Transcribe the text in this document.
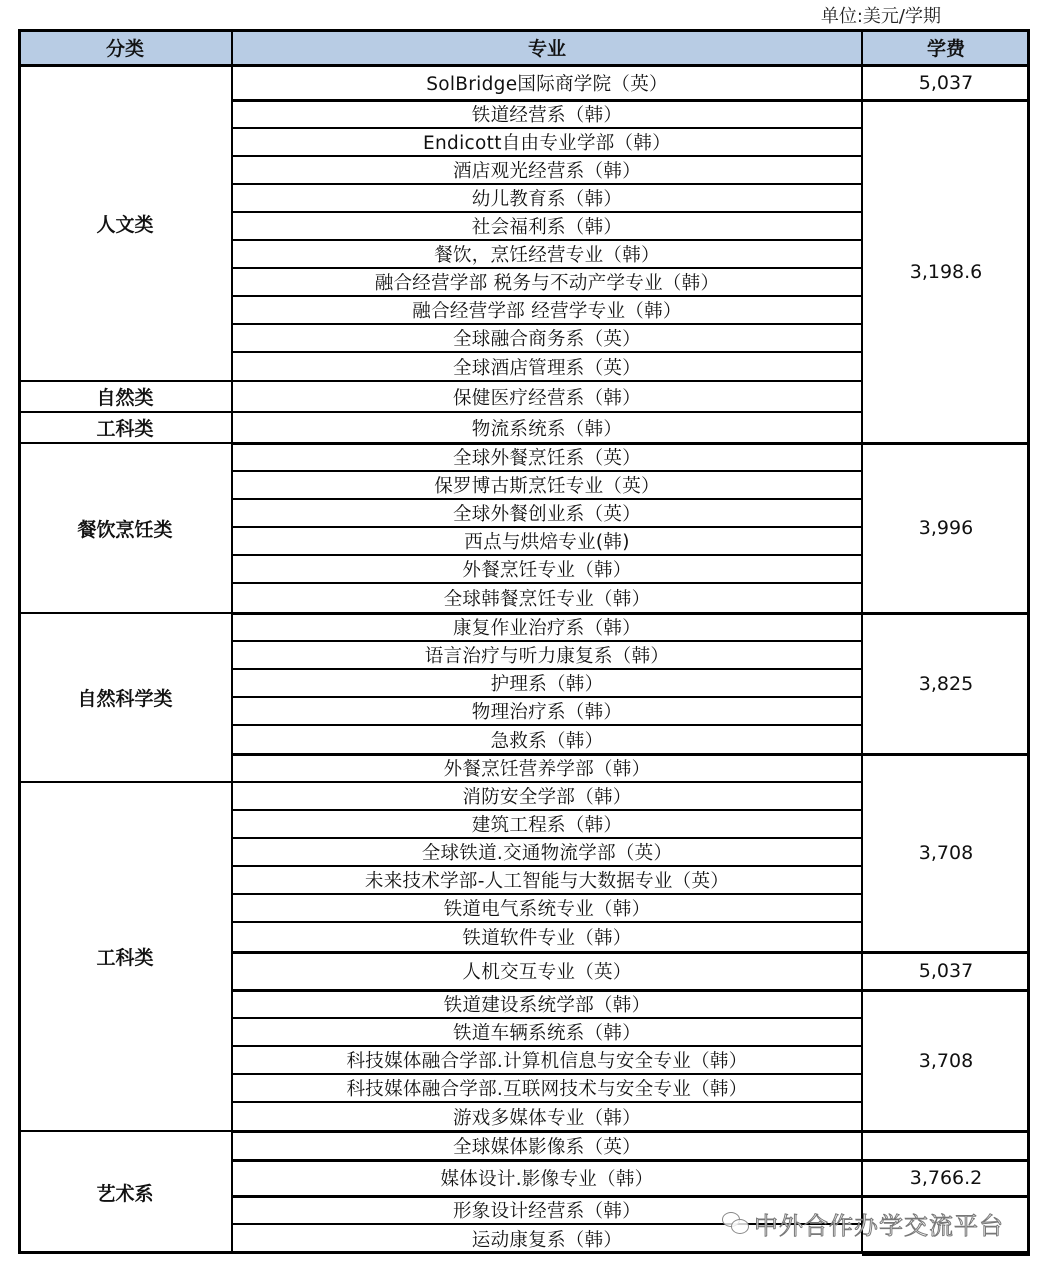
单位:美元/学期
分类	专业	学费
SolBridge国际商学院（英）
铁道经营系（韩）
Endicott自由专业学部（韩）
酒店观光经营系（韩）
幼儿教育系（韩）
社会福利系（韩）
餐饮，烹饪经营专业（韩）
融合经营学部 税务与不动产学专业（韩）
融合经营学部 经营学专业（韩）
全球融合商务系（英）
全球酒店管理系（英）
保健医疗经营系（韩）
物流系统系（韩）
全球外餐烹饪系（英）
保罗博古斯烹饪专业（英）
全球外餐创业系（英）
西点与烘焙专业(韩)
外餐烹饪专业（韩）
全球韩餐烹饪专业（韩）
康复作业治疗系（韩）
语言治疗与听力康复系（韩）
护理系（韩）
物理治疗系（韩）
急救系（韩）
外餐烹饪营养学部（韩）
消防安全学部（韩）
建筑工程系（韩）
全球铁道.交通物流学部（英）
未来技术学部-人工智能与大数据专业（英）
铁道电气系统专业（韩）
铁道软件专业（韩）
人机交互专业（英）
铁道建设系统学部（韩）
铁道车辆系统系（韩）
科技媒体融合学部.计算机信息与安全专业（韩）
科技媒体融合学部.互联网技术与安全专业（韩）
游戏多媒体专业（韩）
全球媒体影像系（英）
媒体设计.影像专业（韩）
形象设计经营系（韩）
运动康复系（韩）
人文类
自然类
工科类
餐饮烹饪类
自然科学类
工科类
艺术系
5,037
3,198.6
3,996
3,825
3,708
5,037
3,708
3,766.2
中外合作办学交流平台
